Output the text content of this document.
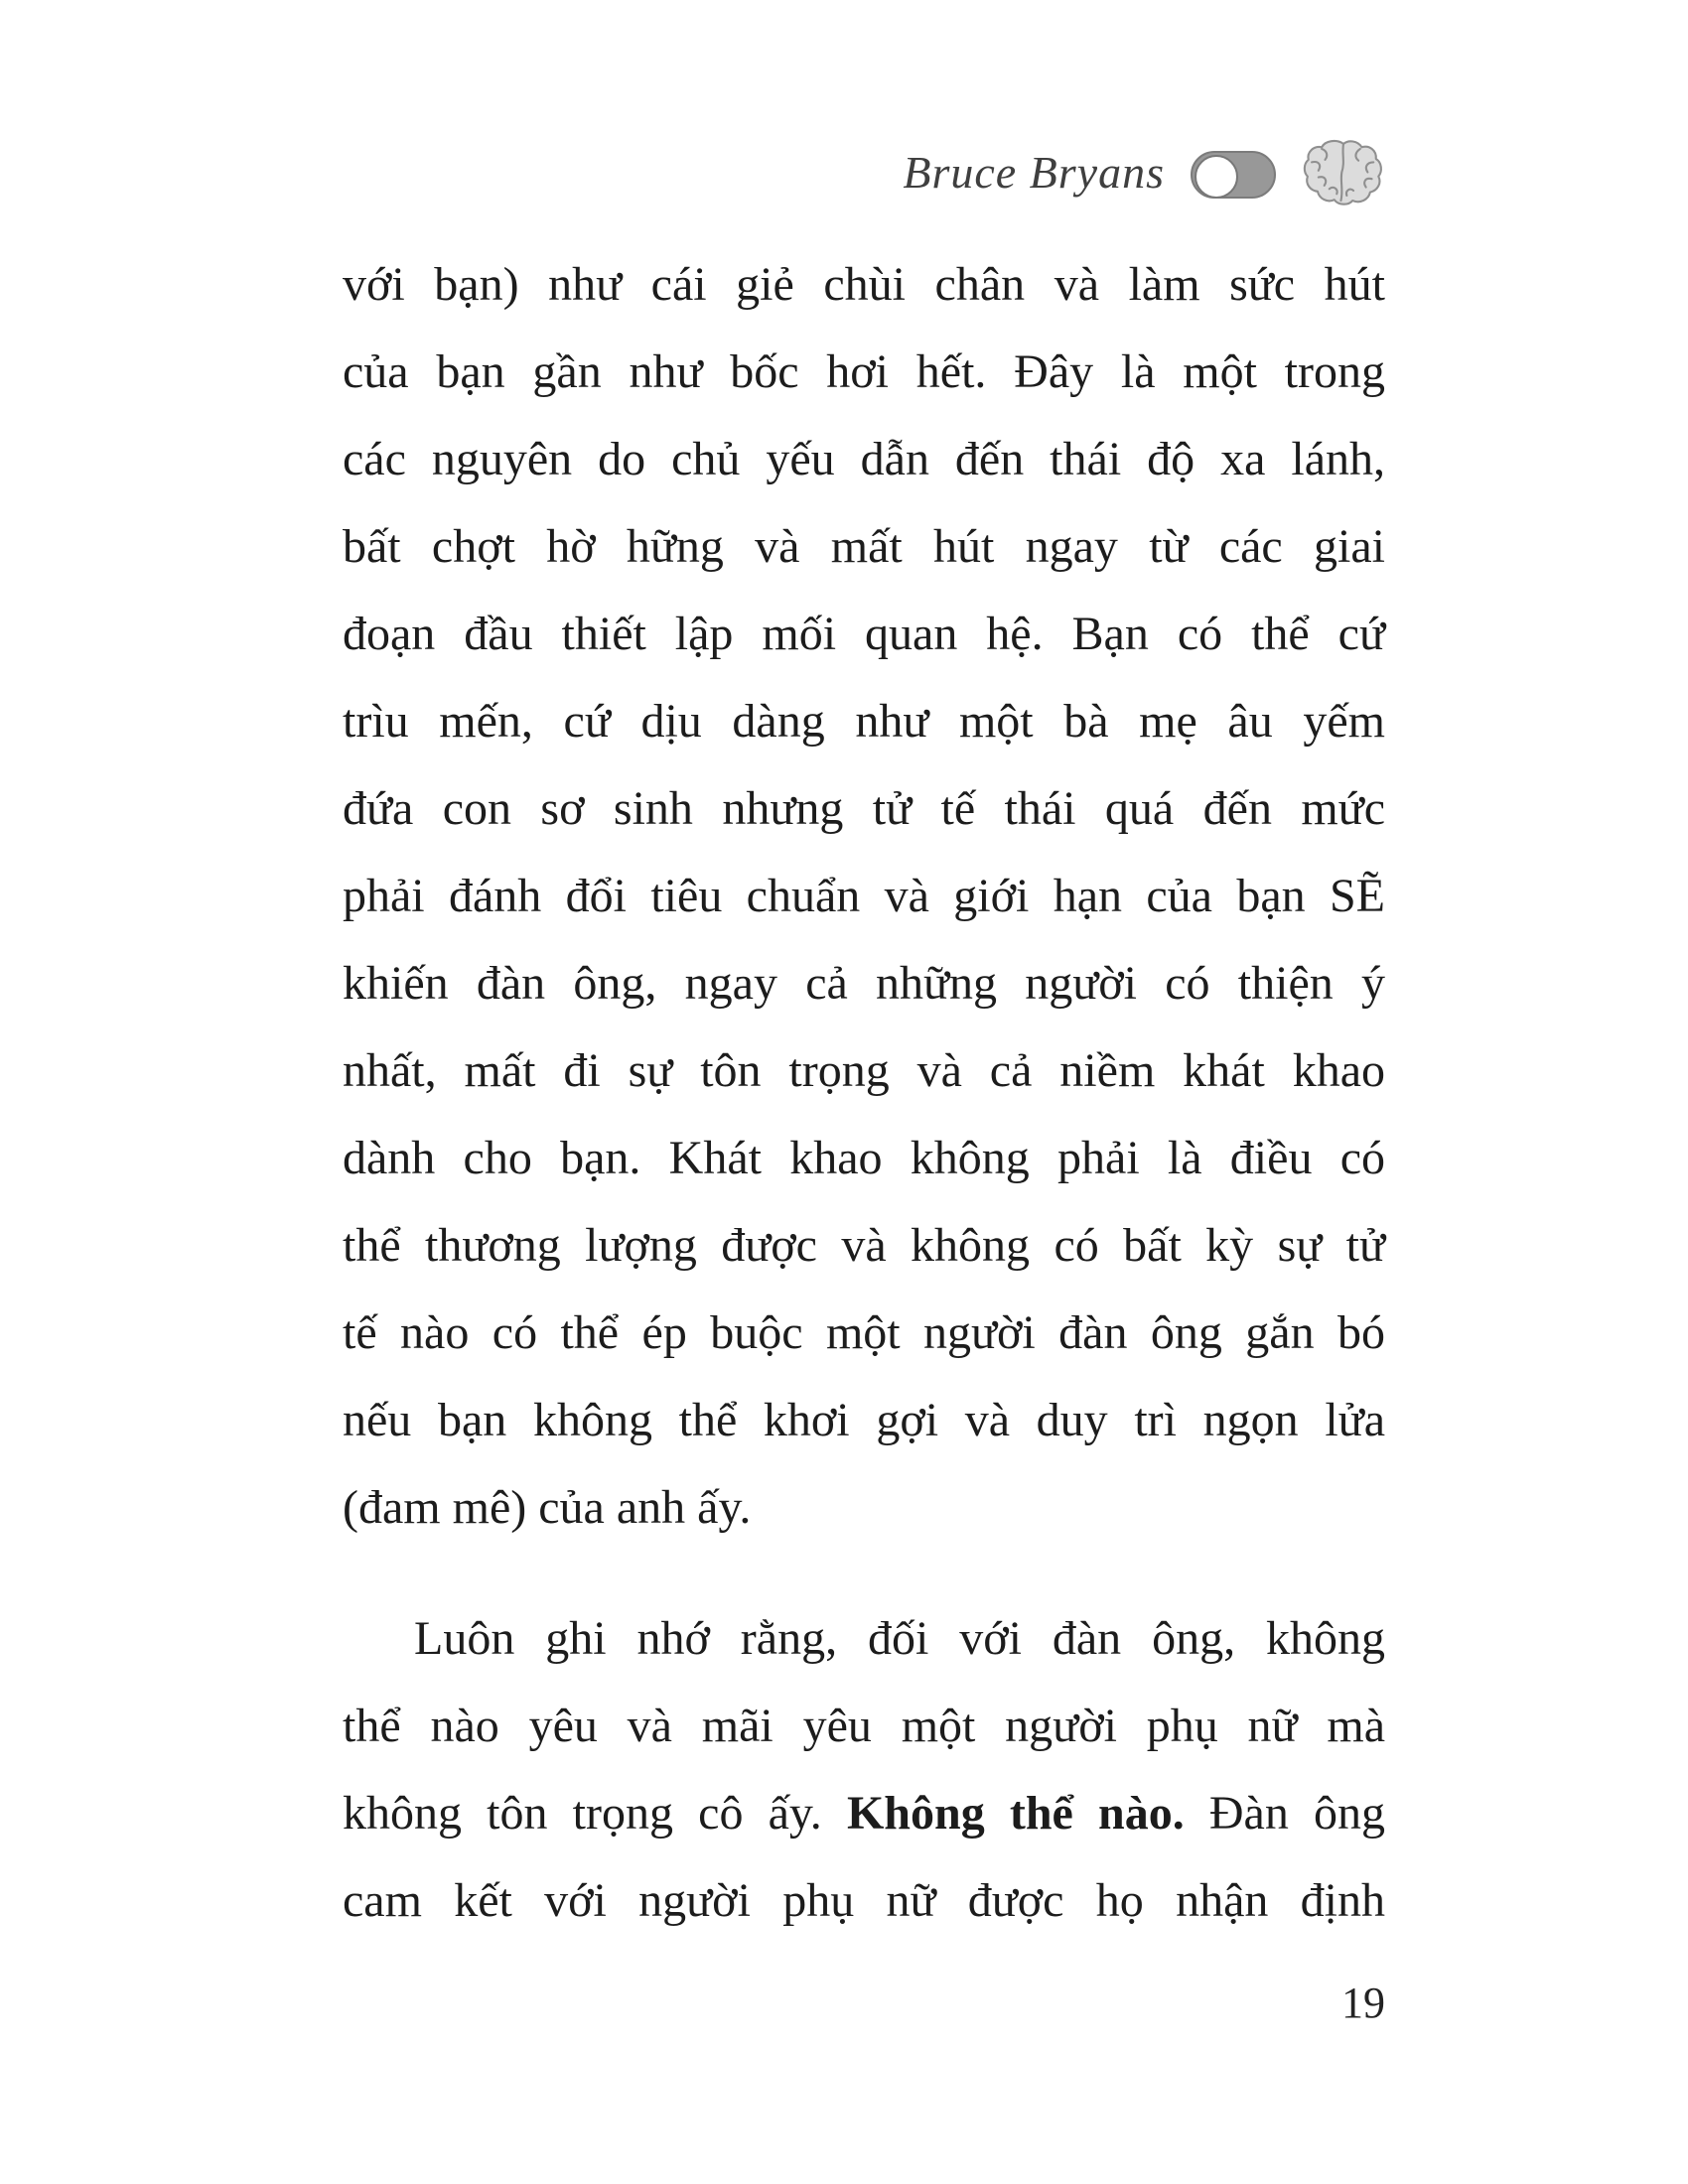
Bruce Bryans
với bạn) như cái giẻ chùi chân và làm sức hút
của bạn gần như bốc hơi hết. Đây là một trong
các nguyên do chủ yếu dẫn đến thái độ xa lánh,
bất chợt hờ hững và mất hút ngay từ các giai
đoạn đầu thiết lập mối quan hệ. Bạn có thể cứ
trìu mến, cứ dịu dàng như một bà mẹ âu yếm
đứa con sơ sinh nhưng tử tế thái quá đến mức
phải đánh đổi tiêu chuẩn và giới hạn của bạn SẼ
khiến đàn ông, ngay cả những người có thiện ý
nhất, mất đi sự tôn trọng và cả niềm khát khao
dành cho bạn. Khát khao không phải là điều có
thể thương lượng được và không có bất kỳ sự tử
tế nào có thể ép buộc một người đàn ông gắn bó
nếu bạn không thể khơi gợi và duy trì ngọn lửa
(đam mê) của anh ấy.
Luôn ghi nhớ rằng, đối với đàn ông, không
thể nào yêu và mãi yêu một người phụ nữ mà
không tôn trọng cô ấy. Không thể nào. Đàn ông
cam kết với người phụ nữ được họ nhận định
19
